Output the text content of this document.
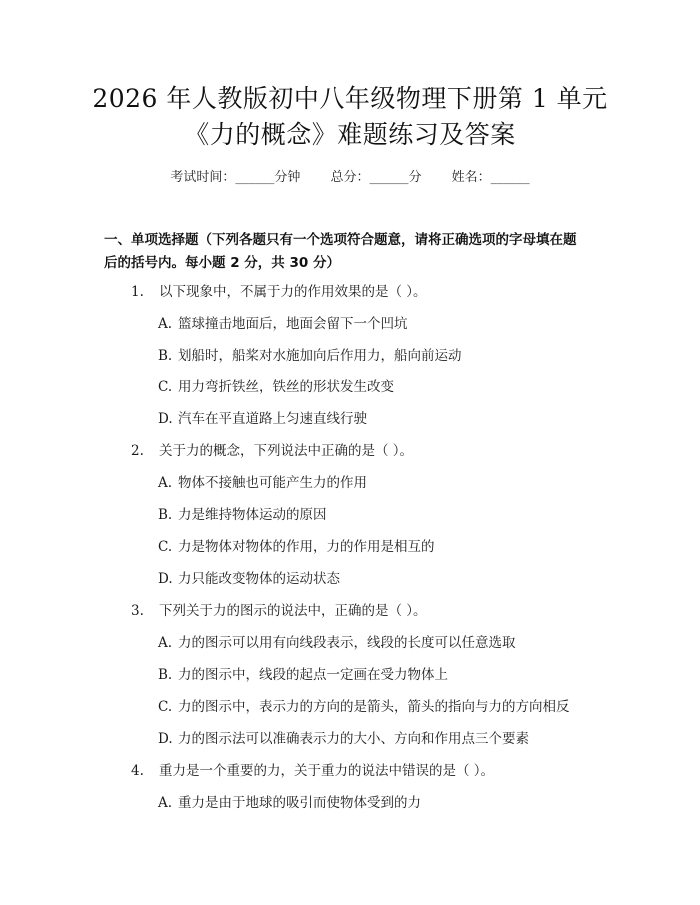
2026 年人教版初中八年级物理下册第 1 单元
《力的概念》难题练习及答案
考试时间：______分钟 总分：______分 姓名：______
一、单项选择题（下列各题只有一个选项符合题意，请将正确选项的字母填在题
后的括号内。每小题 2 分，共 30 分）
1. 以下现象中，不属于力的作用效果的是（ ）。
A. 篮球撞击地面后，地面会留下一个凹坑
B. 划船时，船桨对水施加向后作用力，船向前运动
C. 用力弯折铁丝，铁丝的形状发生改变
D. 汽车在平直道路上匀速直线行驶
2. 关于力的概念，下列说法中正确的是（ ）。
A. 物体不接触也可能产生力的作用
B. 力是维持物体运动的原因
C. 力是物体对物体的作用，力的作用是相互的
D. 力只能改变物体的运动状态
3. 下列关于力的图示的说法中，正确的是（ ）。
A. 力的图示可以用有向线段表示，线段的长度可以任意选取
B. 力的图示中，线段的起点一定画在受力物体上
C. 力的图示中，表示力的方向的是箭头，箭头的指向与力的方向相反
D. 力的图示法可以准确表示力的大小、方向和作用点三个要素
4. 重力是一个重要的力，关于重力的说法中错误的是（ ）。
A. 重力是由于地球的吸引而使物体受到的力
